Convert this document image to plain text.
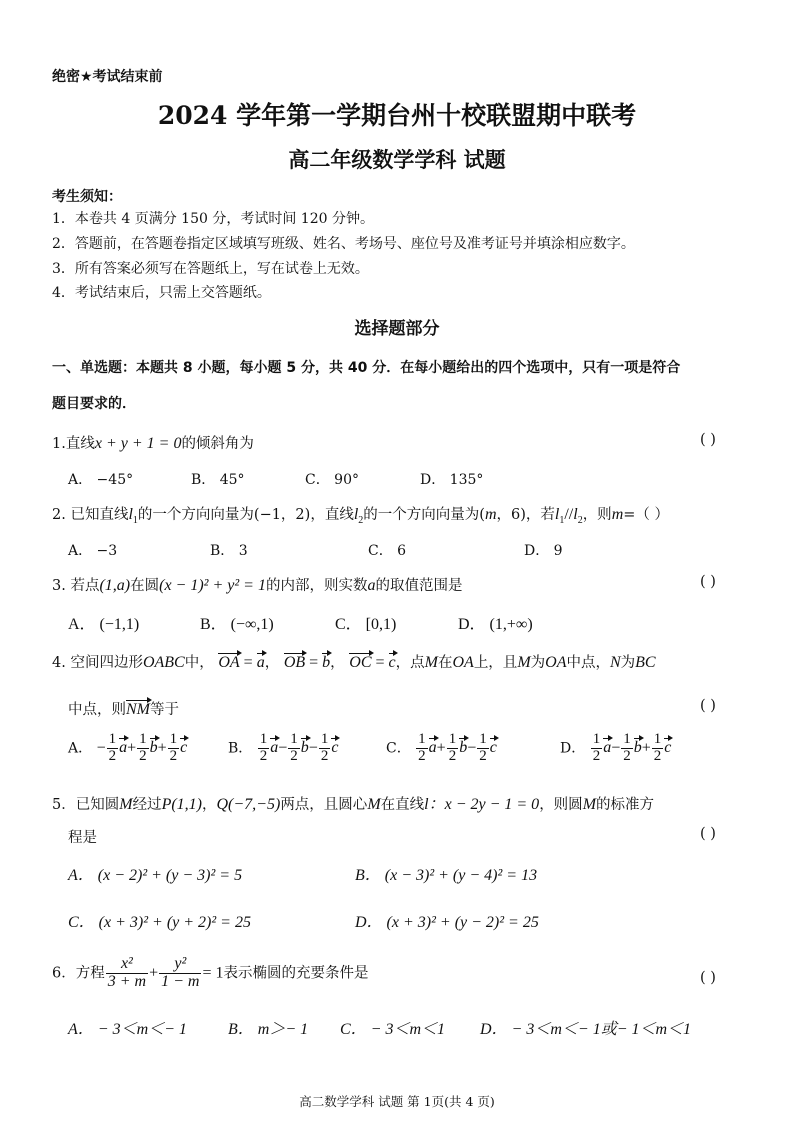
绝密★考试结束前
2024 学年第一学期台州十校联盟期中联考
高二年级数学学科 试题
考生须知：
1．本卷共 4 页满分 150 分，考试时间 120 分钟。
2．答题前，在答题卷指定区域填写班级、姓名、考场号、座位号及准考证号并填涂相应数字。
3．所有答案必须写在答题纸上，写在试卷上无效。
4．考试结束后，只需上交答题纸。
选择题部分
一、单选题：本题共 8 小题，每小题 5 分，共 40 分．在每小题给出的四个选项中，只有一项是符合
题目要求的．
1.直线x + y + 1 = 0的倾斜角为	( )
A． −45°	B． 45°	C． 90°	D． 135°
2. 已知直线$l_1$的一个方向向量为(−1，2)，直线$l_2$的一个方向向量为(m，6)，若$l_1//l_2$，则m=（ ）
A． −3	B． 3	C． 6	D． 9
3. 若点(1,a)在圆(x − 1)² + y² = 1的内部，则实数a的取值范围是	( )
A． (−1,1)	B． (−∞,1)	C． [0,1)	D． (1,+∞)
4. 空间四边形OABC中， OA = a， OB = b， OC = c，点M在OA上，且M为OA中点，N为BC
中点，则NM等于	( )
A． − $\frac{1}{2} a+ \frac{1}{2} b+ \frac{1}{2}$ c	B． $\frac{1}{2} a- \frac{1}{2} b- \frac{1}{2}$ c	C． $\frac{1}{2} a+ \frac{1}{2} b- \frac{1}{2}$ c	D． $\frac{1}{2} a- \frac{1}{2} b+ \frac{1}{2}$ c
5．已知圆M经过P(1,1)，Q(−7,−5)两点，且圆心M在直线l：x − 2y − 1 = 0，则圆M的标准方
程是	( )
A． (x − 2)² + (y − 3)² = 5	B． (x − 3)² + (y − 4)² = 13
C． (x + 3)² + (y + 2)² = 25	D． (x + 3)² + (y − 2)² = 25
6．方程 $\frac{\text{x²}}{3 + m} + \frac{\text{y²}}{1 - m} = 1$表示椭圆的充要条件是	( )
A． − 3＜m＜− 1	B． m＞− 1 C． − 3＜m＜1 D． − 3＜m＜− 1或− 1＜m＜1
高二数学学科 试题 第 1页(共 4 页)
